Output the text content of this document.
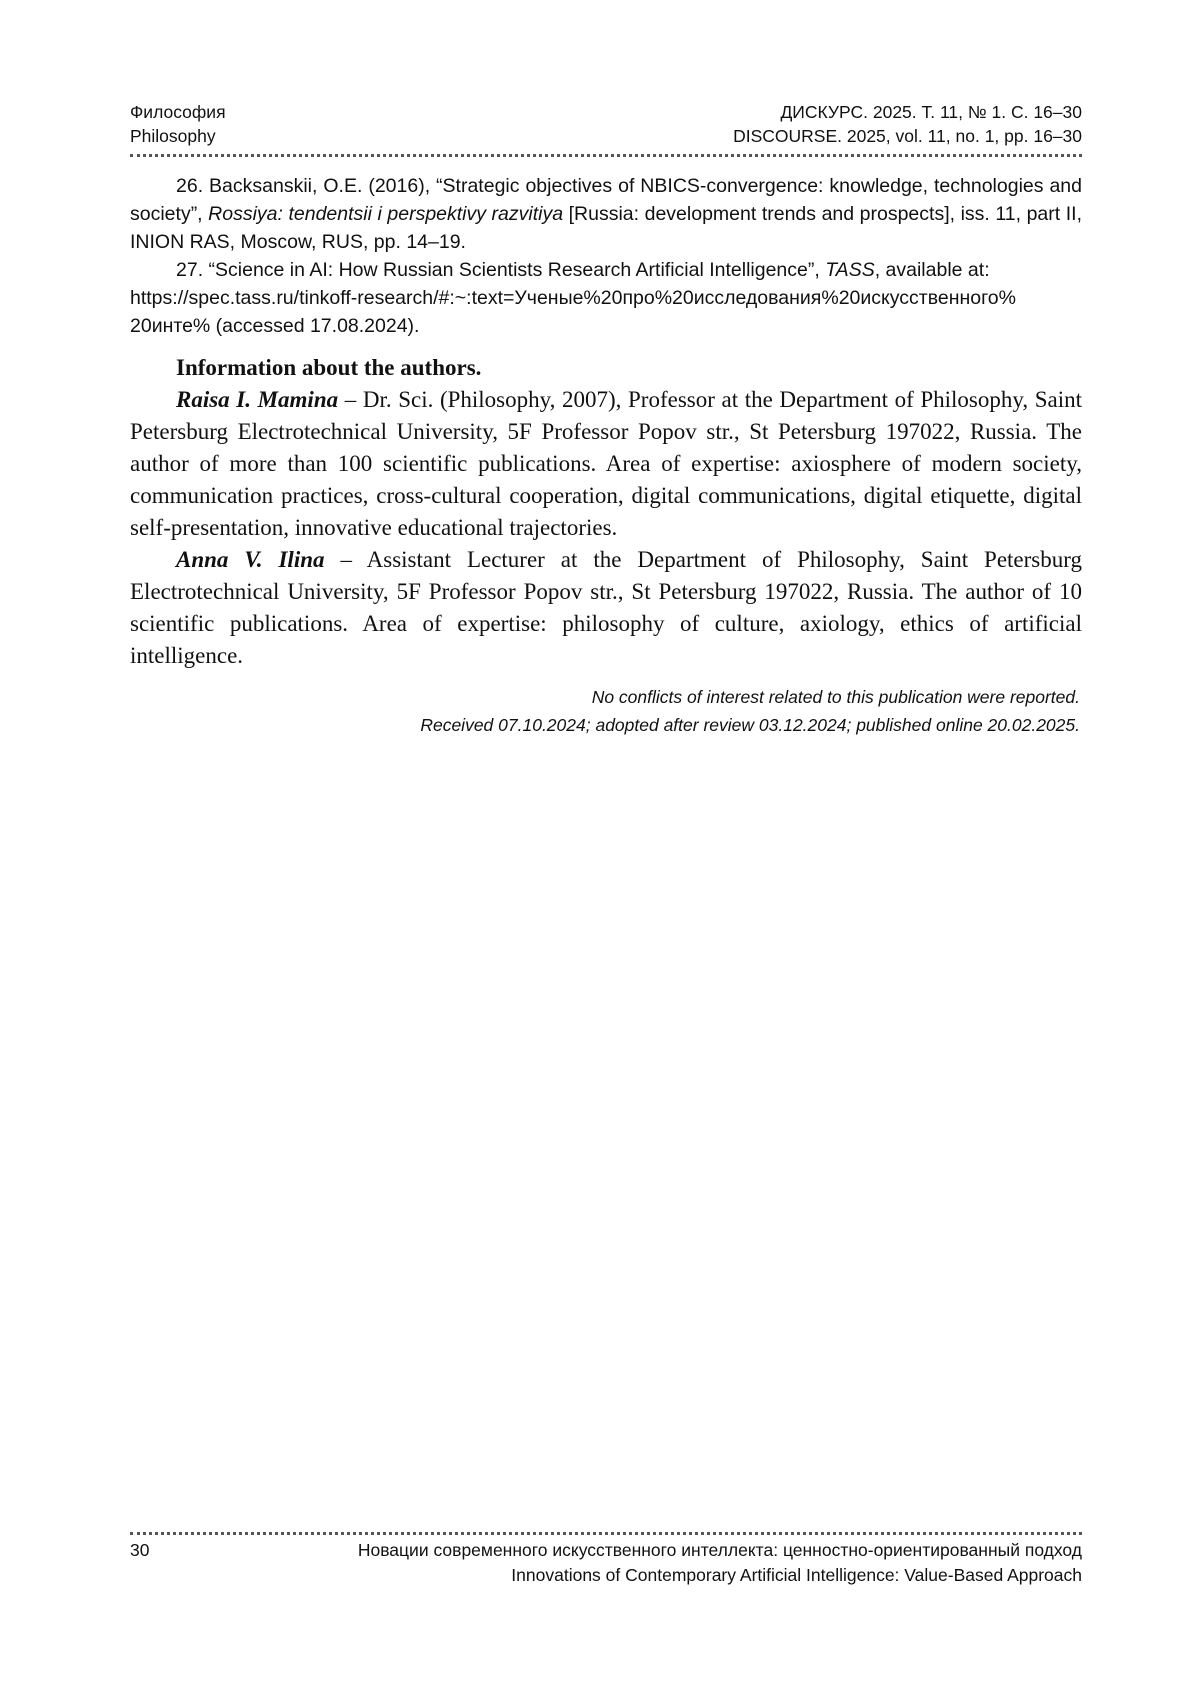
Философия	ДИСКУРС. 2025. Т. 11, № 1. С. 16–30
Philosophy	DISCOURSE. 2025, vol. 11, no. 1, pp. 16–30

26. Backsanskii, O.E. (2016), “Strategic objectives of NBICS-convergence: knowledge, technologies and society”, Rossiya: tendentsii i perspektivy razvitiya [Russia: development trends and prospects], iss. 11, part II, INION RAS, Moscow, RUS, pp. 14–19.

27. “Science in AI: How Russian Scientists Research Artificial Intelligence”, TASS, available at:

https://spec.tass.ru/tinkoff-research/#:~:text=Ученые%20про%20исследования%20искусственного%
20инте% (accessed 17.08.2024).

Information about the authors.

Raisa I. Mamina – Dr. Sci. (Philosophy, 2007), Professor at the Department of Philosophy, Saint Petersburg Electrotechnical University, 5F Professor Popov str., St Petersburg 197022, Russia. The author of more than 100 scientific publications. Area of expertise: axiosphere of modern society, communication practices, cross-cultural cooperation, digital communications, digital etiquette, digital self-presentation, innovative educational trajectories.

Anna V. Ilina – Assistant Lecturer at the Department of Philosophy, Saint Petersburg Electrotechnical University, 5F Professor Popov str., St Petersburg 197022, Russia. The author of 10 scientific publications. Area of expertise: philosophy of culture, axiology, ethics of artificial intelligence.

No conflicts of interest related to this publication were reported.
Received 07.10.2024; adopted after review 03.12.2024; published online 20.02.2025.
30	Новации современного искусственного интеллекта: ценностно-ориентированный подход
Innovations of Contemporary Artificial Intelligence: Value-Based Approach
